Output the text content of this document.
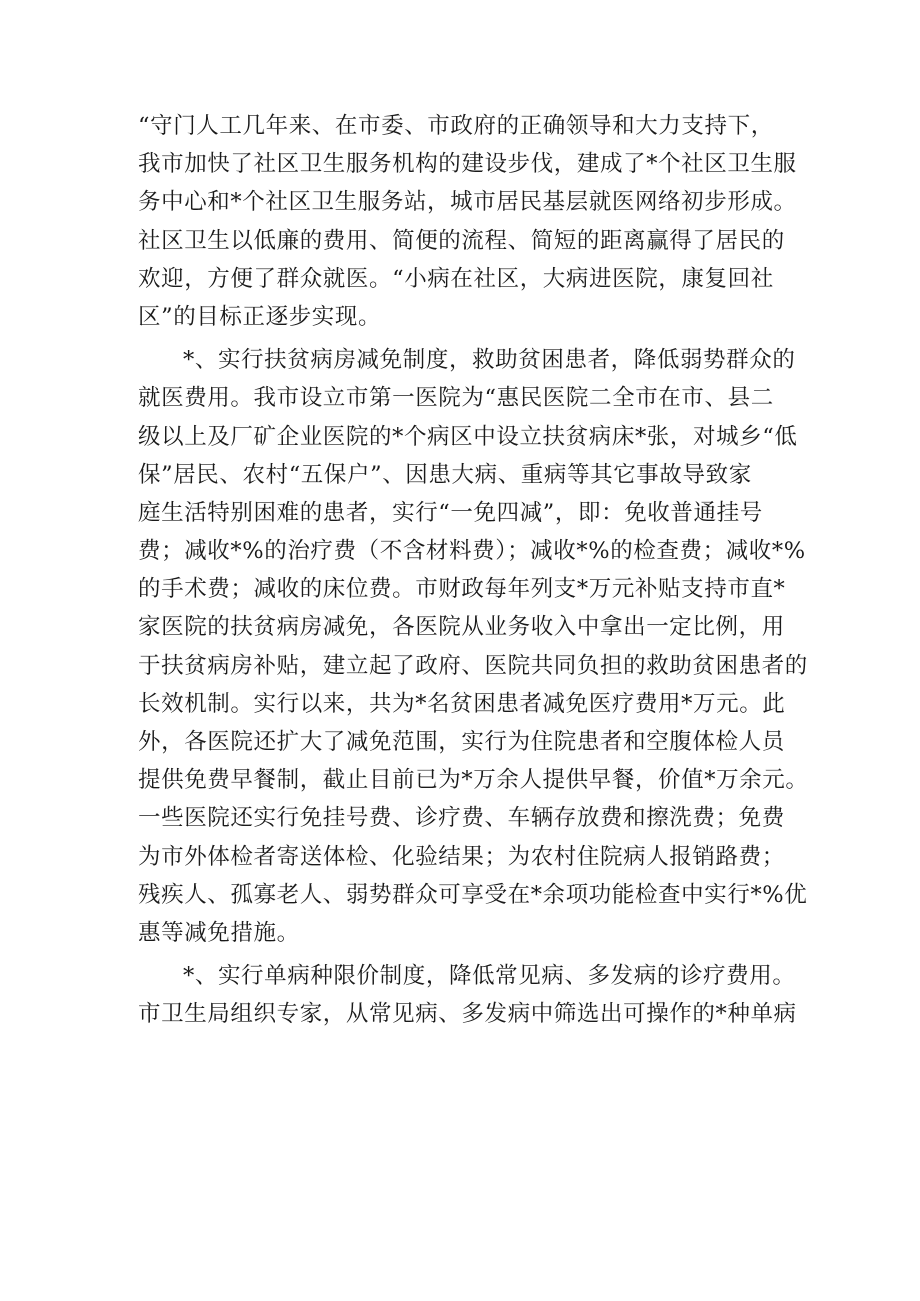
“守门人工几年来、在市委、市政府的正确领导和大力支持下，
我市加快了社区卫生服务机构的建设步伐，建成了*个社区卫生服
务中心和*个社区卫生服务站，城市居民基层就医网络初步形成。
社区卫生以低廉的费用、简便的流程、简短的距离赢得了居民的
欢迎，方便了群众就医。“小病在社区，大病进医院，康复回社
区”的目标正逐步实现。
*、实行扶贫病房减免制度，救助贫困患者，降低弱势群众的
就医费用。我市设立市第一医院为“惠民医院二全市在市、县二
级以上及厂矿企业医院的*个病区中设立扶贫病床*张，对城乡“低
保”居民、农村“五保户”、因患大病、重病等其它事故导致家
庭生活特别困难的患者，实行“一免四减”，即：免收普通挂号
费；减收*%的治疗费（不含材料费）；减收*%的检查费；减收*%
的手术费；减收的床位费。市财政每年列支*万元补贴支持市直*
家医院的扶贫病房减免，各医院从业务收入中拿出一定比例，用
于扶贫病房补贴，建立起了政府、医院共同负担的救助贫困患者的
长效机制。实行以来，共为*名贫困患者减免医疗费用*万元。此
外，各医院还扩大了减免范围，实行为住院患者和空腹体检人员
提供免费早餐制，截止目前已为*万余人提供早餐，价值*万余元。
一些医院还实行免挂号费、诊疗费、车辆存放费和擦洗费；免费
为市外体检者寄送体检、化验结果；为农村住院病人报销路费；
残疾人、孤寡老人、弱势群众可享受在*余项功能检查中实行*%优
惠等减免措施。
*、实行单病种限价制度，降低常见病、多发病的诊疗费用。
市卫生局组织专家，从常见病、多发病中筛选出可操作的*种单病
